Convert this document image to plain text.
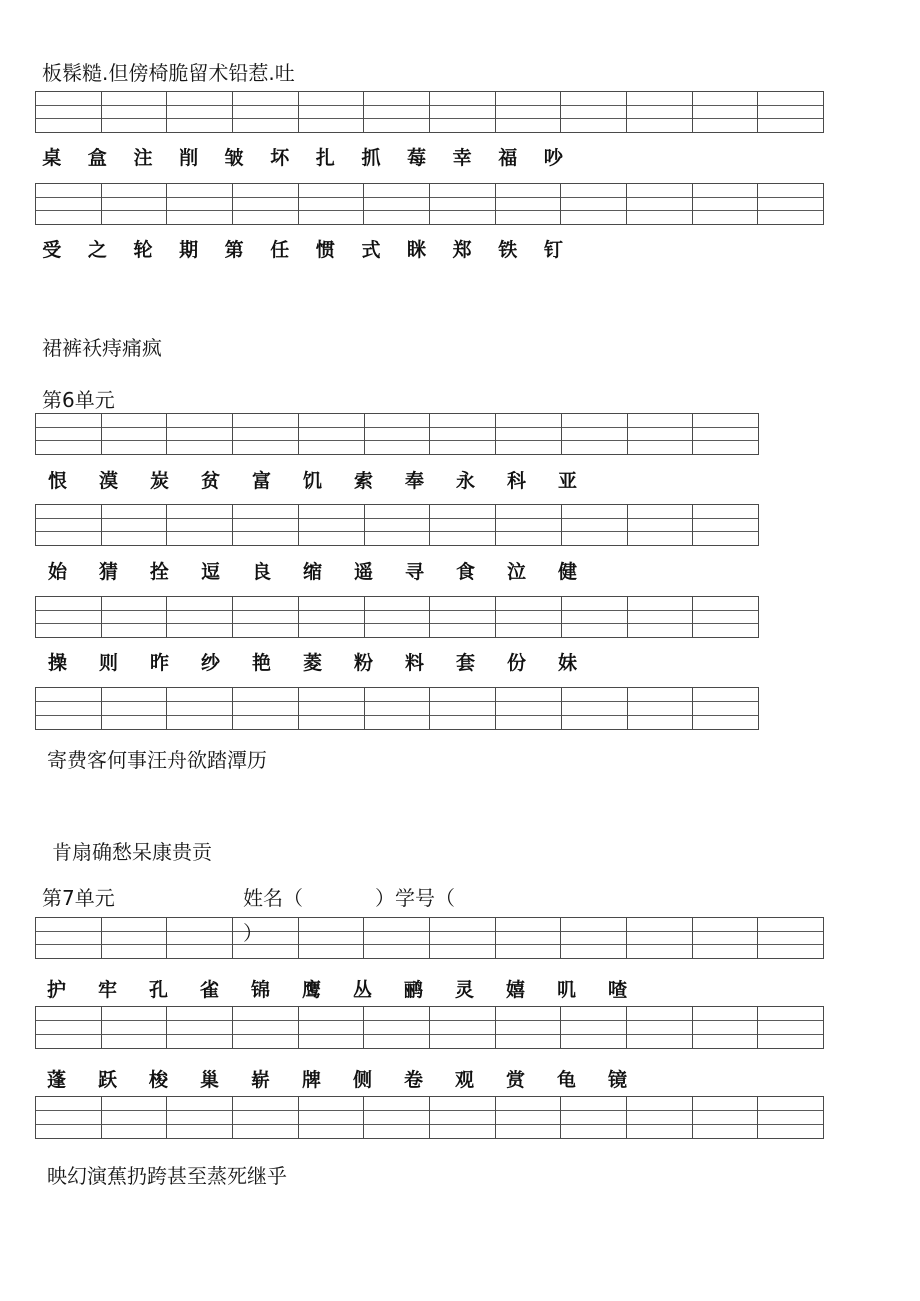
板髹糙.但傍椅脆留术铅惹.吐
桌	盒	注	削	皱	坏	扎	抓	莓	幸	福	吵
受	之	轮	期	第	任	惯	式	眯	郑	铁	钉
裙裤袄痔痛疯
第6单元
恨	漠	炭	贫	富	饥	索	奉	永	科	亚
始	猜	拴	逗	良	缩	遥	寻	食	泣	健
操	则	昨	纱	艳	菱	粉	料	套	份	妹
寄费客何事汪舟欲踏潭历
肯扇确愁呆康贵贡
第7单元	姓名（	）学号（
）
护	牢	孔	雀	锦	鹰	丛	鹂	灵	嬉	叽	喳
蓬	跃	梭	巢	崭	牌	侧	卷	观	赏	龟	镜
映幻演蕉扔跨甚至蒸死继乎
